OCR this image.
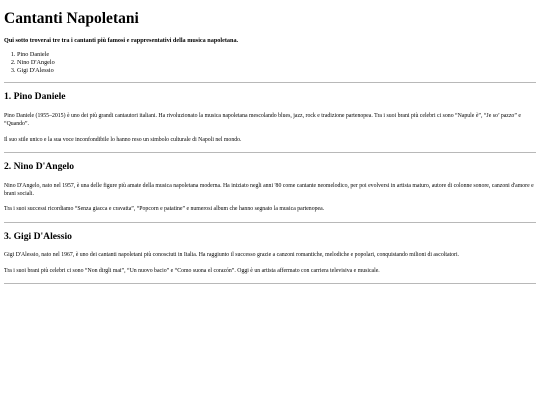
Cantanti Napoletani

Qui sotto troverai tre tra i cantanti più famosi e rappresentativi della musica napoletana.

1. Pino Daniele
2. Nino D'Angelo
3. Gigi D'Alessio
1. Pino Daniele

Pino Daniele (1955–2015) è uno dei più grandi cantautori italiani. Ha rivoluzionato la musica napoletana mescolando blues, jazz, rock e tradizione partenopea. Tra i suoi brani più celebri ci sono “Napule è”, “Je so’ pazzo” e “Quando”.

Il suo stile unico e la sua voce inconfondibile lo hanno reso un simbolo culturale di Napoli nel mondo.

2. Nino D'Angelo

Nino D'Angelo, nato nel 1957, è una delle figure più amate della musica napoletana moderna. Ha iniziato negli anni '80 come cantante neomelodico, per poi evolversi in artista maturo, autore di colonne sonore, canzoni d'amore e brani sociali.

Tra i suoi successi ricordiamo “Senza giacca e cravatta”, “Popcorn e patatine” e numerosi album che hanno segnato la musica partenopea.

3. Gigi D'Alessio

Gigi D'Alessio, nato nel 1967, è uno dei cantanti napoletani più conosciuti in Italia. Ha raggiunto il successo grazie a canzoni romantiche, melodiche e popolari, conquistando milioni di ascoltatori.

Tra i suoi brani più celebri ci sono “Non dirgli mai”, “Un nuovo bacio” e “Como suona el corazón”. Oggi è un artista affermato con carriera televisiva e musicale.
